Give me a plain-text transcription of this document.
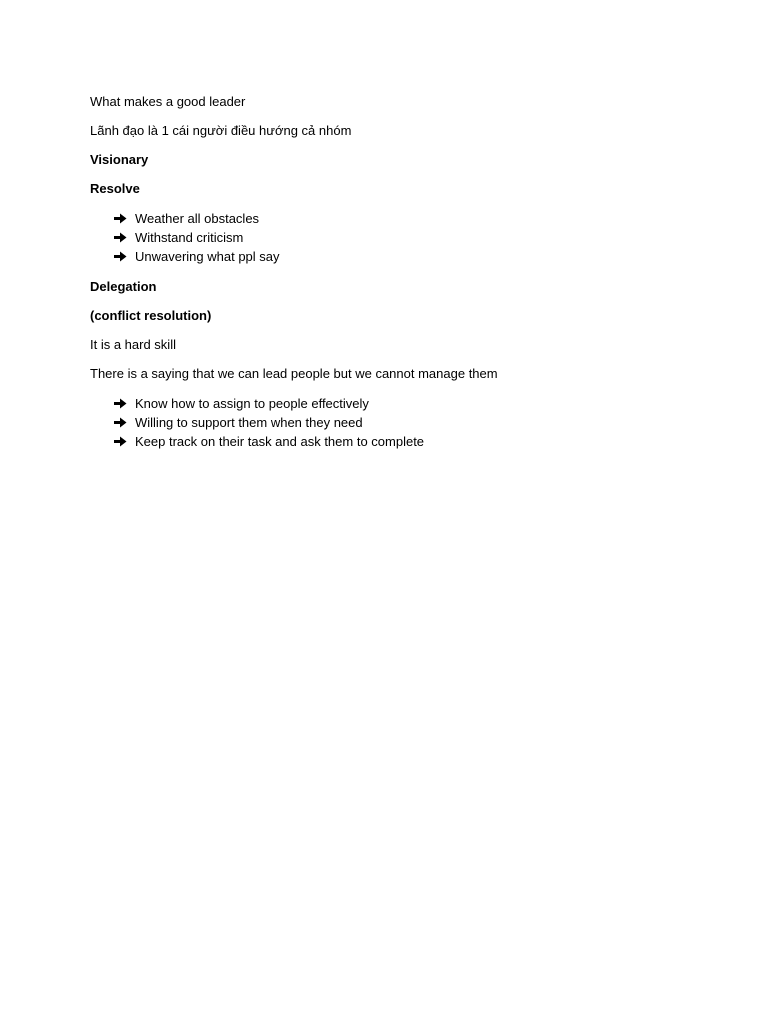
What makes a good leader

Lãnh đạo là 1 cái người điều hướng cả nhóm

Visionary

Resolve

Weather all obstacles
Withstand criticism
Unwavering what ppl say

Delegation

(conflict resolution)

It is a hard skill

There is a saying that we can lead people but we cannot manage them

Know how to assign to people effectively
Willing to support them when they need
Keep track on their task and ask them to complete
